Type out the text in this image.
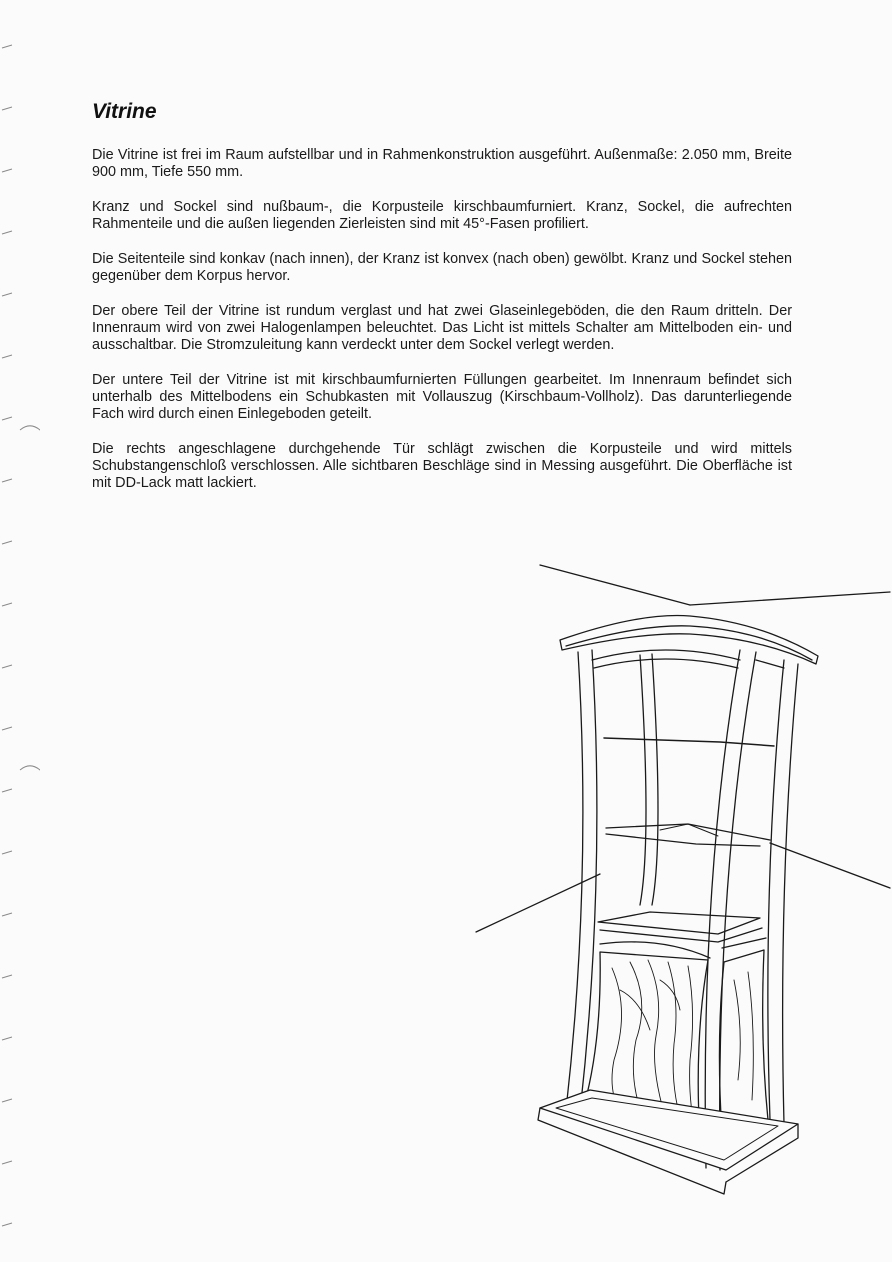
Vitrine

Die Vitrine ist frei im Raum aufstellbar und in Rahmenkonstruktion ausgeführt. Außenmaße: 2.050 mm, Breite 900 mm, Tiefe 550 mm.

Kranz und Sockel sind nußbaum-, die Korpusteile kirschbaumfurniert. Kranz, Sockel, die aufrechten Rahmenteile und die außen liegenden Zierleisten sind mit 45°-Fasen profiliert.

Die Seitenteile sind konkav (nach innen), der Kranz ist konvex (nach oben) gewölbt. Kranz und Sockel stehen gegenüber dem Korpus hervor.

Der obere Teil der Vitrine ist rundum verglast und hat zwei Glaseinlegeböden, die den Raum dritteln. Der Innenraum wird von zwei Halogenlampen beleuchtet. Das Licht ist mittels Schalter am Mittelboden ein- und ausschaltbar. Die Stromzuleitung kann verdeckt unter dem Sockel verlegt werden.

Der untere Teil der Vitrine ist mit kirschbaumfurnierten Füllungen gearbeitet. Im Innenraum befindet sich unterhalb des Mittelbodens ein Schubkasten mit Vollauszug (Kirschbaum-Vollholz). Das darunterliegende Fach wird durch einen Einlegeboden geteilt.

Die rechts angeschlagene durchgehende Tür schlägt zwischen die Korpusteile und wird mittels Schubstangenschloß verschlossen. Alle sichtbaren Beschläge sind in Messing ausgeführt. Die Oberfläche ist mit DD-Lack matt lackiert.
